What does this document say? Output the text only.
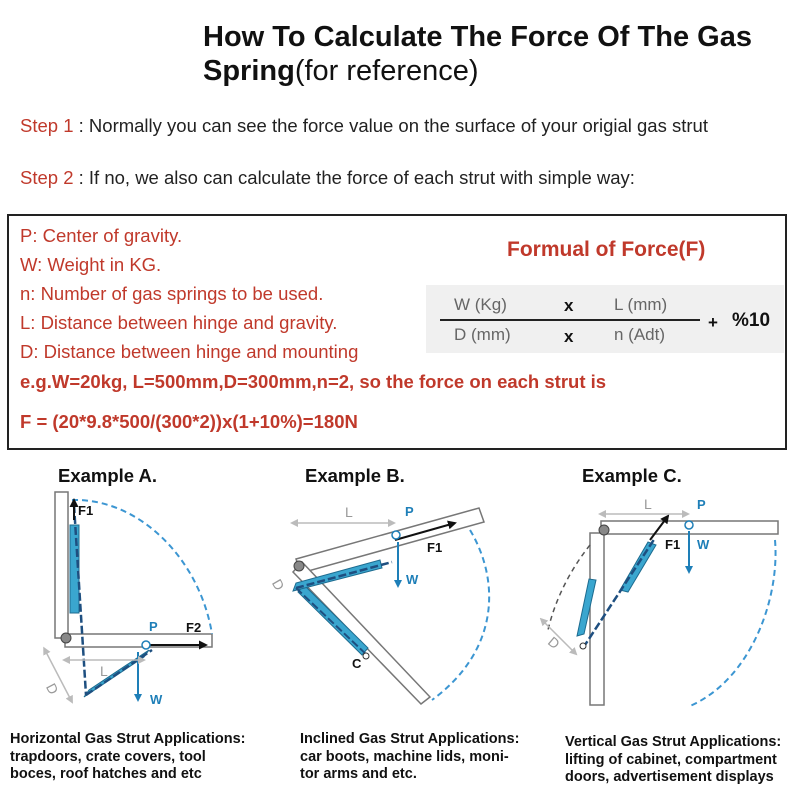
How To Calculate The Force Of The Gas Spring(for reference)
Step 1 : Normally you can see the force value on the surface of your origial gas strut
Step 2 : If no, we also can calculate the force of each strut with simple way:
P: Center of gravity.
W: Weight in KG.
n: Number of gas springs to be used.
L: Distance between hinge and gravity.
D: Distance between hinge and mounting
Formual of Force(F)
W (Kg)	x L (mm)
D (mm)	x n (Adt)
+ %10
e.g.W=20kg, L=500mm,D=300mm,n=2, so the force on each strut is
F = (20*9.8*500/(300*2))x(1+10%)=180N
Example A.	Example B.	Example C.
F1
F2
P
L
D
W
L	P
F1
D	W
C
L	P
F1 W
D
Horizontal Gas Strut Applications:
trapdoors, crate covers, tool
boces, roof hatches and etc
Inclined Gas Strut Applications:
car boots, machine lids, moni-
tor arms and etc.
Vertical Gas Strut Applications:
lifting of cabinet, compartment
doors, advertisement displays
